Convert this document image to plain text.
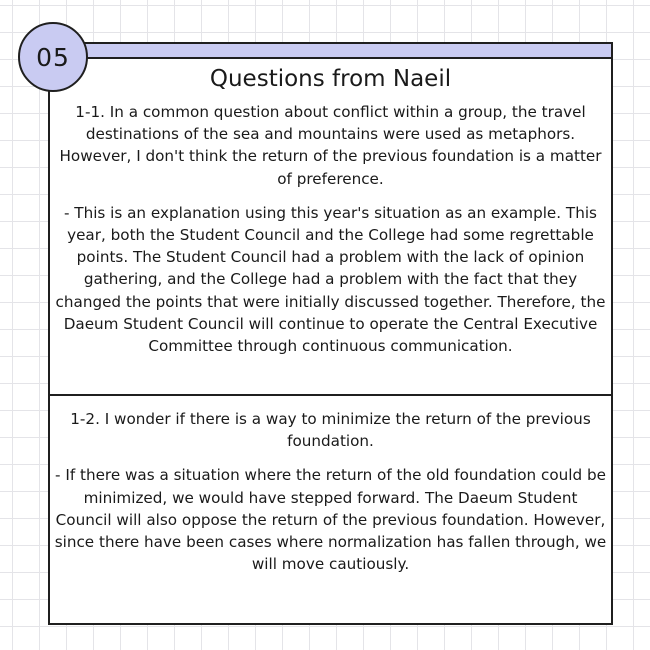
Questions from Naeil

1-1. In a common question about conflict within a group, the travel destinations of the sea and mountains were used as metaphors. However, I don't think the return of the previous foundation is a matter of preference.

- This is an explanation using this year's situation as an example. This year, both the Student Council and the College had some regrettable points. The Student Council had a problem with the lack of opinion gathering, and the College had a problem with the fact that they changed the points that were initially discussed together. Therefore, the Daeum Student Council will continue to operate the Central Executive Committee through continuous communication.

1-2. I wonder if there is a way to minimize the return of the previous foundation.

- If there was a situation where the return of the old foundation could be minimized, we would have stepped forward. The Daeum Student Council will also oppose the return of the previous foundation. However, since there have been cases where normalization has fallen through, we will move cautiously.

05
